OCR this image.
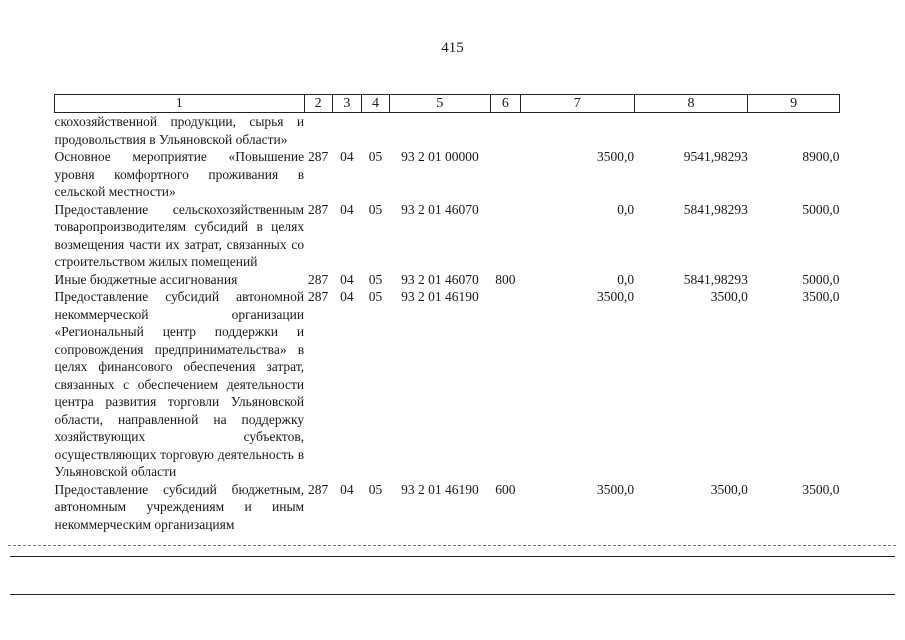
415
1	2	3	4	5	6	7	8	9
скохозяйственной продукции, сырья и продовольствия в Ульяновской области»								
Основное мероприятие «Повышение уровня комфортного проживания в сельской местности»	287	04	05	93 2 01 00000		3500,0	9541,98293	8900,0
Предоставление сельскохозяйственным товаропроизводителям субсидий в целях возмещения части их затрат, связанных со строительством жилых помещений	287	04	05	93 2 01 46070		0,0	5841,98293	5000,0
Иные бюджетные ассигнования	287	04	05	93 2 01 46070	800	0,0	5841,98293	5000,0
Предоставление субсидий автономной некоммерческой организации «Региональный центр поддержки и сопровождения предпринимательства» в целях финансового обеспечения затрат, связанных с обеспечением деятельности центра развития торговли Ульяновской области, направленной на поддержку хозяйствующих субъектов, осуществляющих торговую деятельность в Ульяновской области	287	04	05	93 2 01 46190		3500,0	3500,0	3500,0
Предоставление субсидий бюджетным, автономным учреждениям и иным некоммерческим организациям	287	04	05	93 2 01 46190	600	3500,0	3500,0	3500,0
